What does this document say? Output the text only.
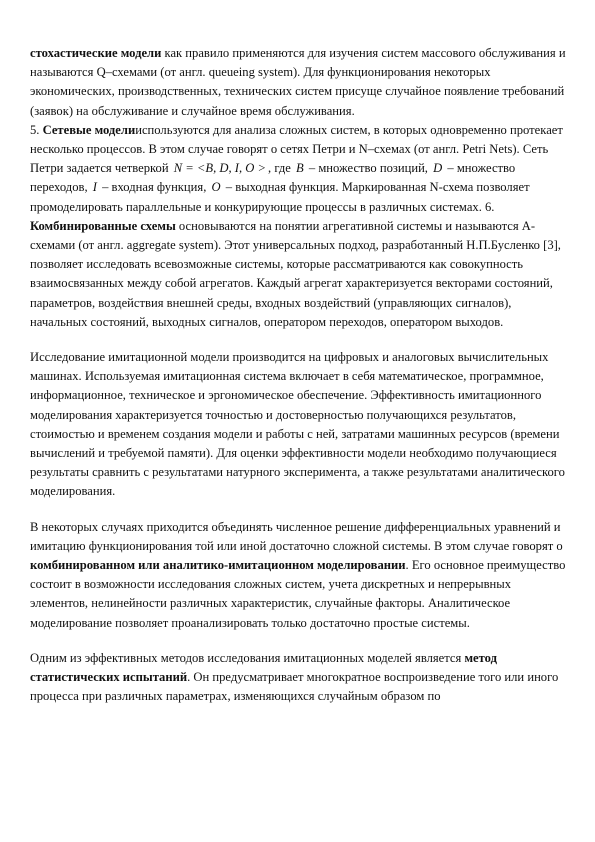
стохастические модели как правило применяются для изучения систем массового обслуживания и называются Q–схемами (от англ. queueing system). Для функционирования некоторых экономических, производственных, технических систем присуще случайное появление требований (заявок) на обслуживание и случайное время обслуживания.
5. Сетевые моделииспользуются для анализа сложных систем, в которых одновременно протекает несколько процессов. В этом случае говорят о сетях Петри и N–схемах (от англ. Petri Nets). Сеть Петри задается четверкой N = <B, D, I, O > , где B – множество позиций, D – множество переходов, I – входная функция, O – выходная функция. Маркированная N-схема позволяет промоделировать параллельные и конкурирующие процессы в различных системах. 6. Комбинированные схемы основываются на понятии агрегативной системы и называются А-схемами (от англ. aggregate system). Этот универсальных подход, разработанный Н.П.Бусленко [3], позволяет исследовать всевозможные системы, которые рассматриваются как совокупность взаимосвязанных между собой агрегатов. Каждый агрегат характеризуется векторами состояний, параметров, воздействия внешней среды, входных воздействий (управляющих сигналов), начальных состояний, выходных сигналов, оператором переходов, оператором выходов.

Исследование имитационной модели производится на цифровых и аналоговых вычислительных машинах. Используемая имитационная система включает в себя математическое, программное, информационное, техническое и эргономическое обеспечение. Эффективность имитационного моделирования характеризуется точностью и достоверностью получающихся результатов, стоимостью и временем создания модели и работы с ней, затратами машинных ресурсов (времени вычислений и требуемой памяти). Для оценки эффективности модели необходимо получающиеся результаты сравнить с результатами натурного эксперимента, а также результатами аналитического моделирования.

В некоторых случаях приходится объединять численное решение дифференциальных уравнений и имитацию функционирования той или иной достаточно сложной системы. В этом случае говорят о комбинированном или аналитико-имитационном моделировании. Его основное преимущество состоит в возможности исследования сложных систем, учета дискретных и непрерывных элементов, нелинейности различных характеристик, случайные факторы. Аналитическое моделирование позволяет проанализировать только достаточно простые системы.

Одним из эффективных методов исследования имитационных моделей является метод статистических испытаний. Он предусматривает многократное воспроизведение того или иного процесса при различных параметрах, изменяющихся случайным образом по
